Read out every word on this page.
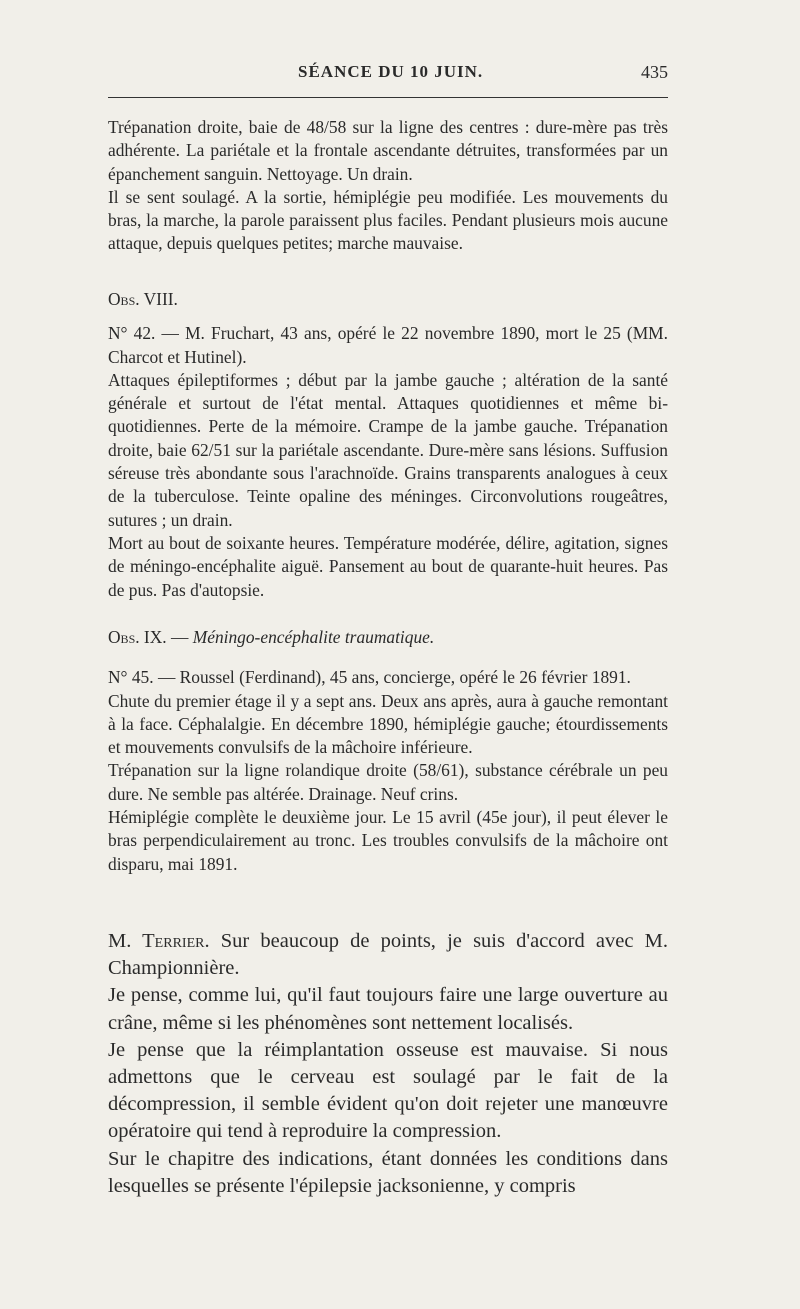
SÉANCE DU 10 JUIN.	435

Trépanation droite, baie de 48/58 sur la ligne des centres : dure-mère pas très adhérente. La pariétale et la frontale ascendante détruites, transformées par un épanchement sanguin. Nettoyage. Un drain.

Il se sent soulagé. A la sortie, hémiplégie peu modifiée. Les mouvements du bras, la marche, la parole paraissent plus faciles. Pendant plusieurs mois aucune attaque, depuis quelques petites; marche mauvaise.

Obs. VIII.

N° 42. — M. Fruchart, 43 ans, opéré le 22 novembre 1890, mort le 25 (MM. Charcot et Hutinel).

Attaques épileptiformes ; début par la jambe gauche ; altération de la santé générale et surtout de l'état mental. Attaques quotidiennes et même bi-quotidiennes. Perte de la mémoire. Crampe de la jambe gauche. Trépanation droite, baie 62/51 sur la pariétale ascendante. Dure-mère sans lésions. Suffusion séreuse très abondante sous l'arachnoïde. Grains transparents analogues à ceux de la tuberculose. Teinte opaline des méninges. Circonvolutions rougeâtres, sutures ; un drain.

Mort au bout de soixante heures. Température modérée, délire, agitation, signes de méningo-encéphalite aiguë. Pansement au bout de quarante-huit heures. Pas de pus. Pas d'autopsie.

Obs. IX. — Méningo-encéphalite traumatique.

N° 45. — Roussel (Ferdinand), 45 ans, concierge, opéré le 26 février 1891.

Chute du premier étage il y a sept ans. Deux ans après, aura à gauche remontant à la face. Céphalalgie. En décembre 1890, hémiplégie gauche; étourdissements et mouvements convulsifs de la mâchoire inférieure.

Trépanation sur la ligne rolandique droite (58/61), substance cérébrale un peu dure. Ne semble pas altérée. Drainage. Neuf crins.

Hémiplégie complète le deuxième jour. Le 15 avril (45e jour), il peut élever le bras perpendiculairement au tronc. Les troubles convulsifs de la mâchoire ont disparu, mai 1891.

M. Terrier. Sur beaucoup de points, je suis d'accord avec M. Championnière.

Je pense, comme lui, qu'il faut toujours faire une large ouverture au crâne, même si les phénomènes sont nettement localisés.

Je pense que la réimplantation osseuse est mauvaise. Si nous admettons que le cerveau est soulagé par le fait de la décompression, il semble évident qu'on doit rejeter une manœuvre opératoire qui tend à reproduire la compression.

Sur le chapitre des indications, étant données les conditions dans lesquelles se présente l'épilepsie jacksonienne, y compris
